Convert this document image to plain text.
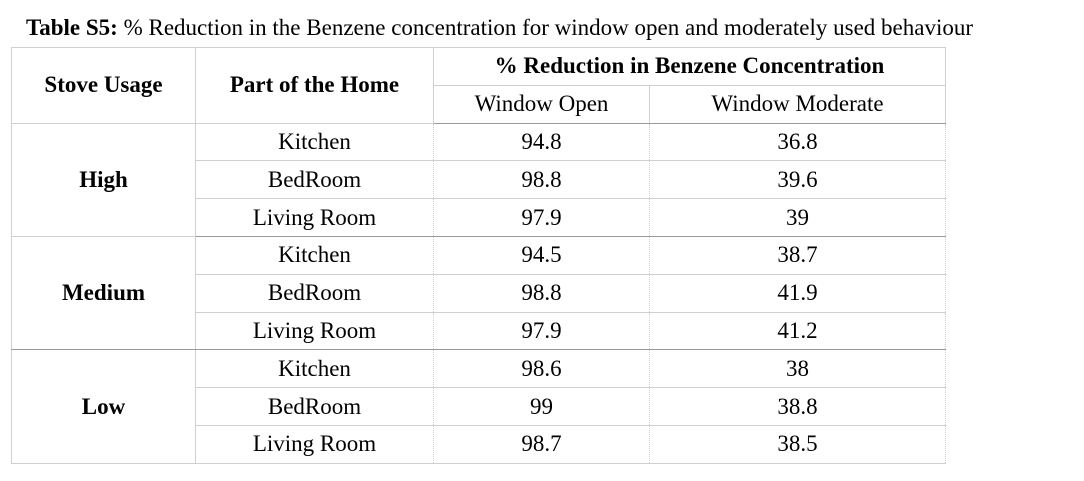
Table S5: % Reduction in the Benzene concentration for window open and moderately used behaviour
Stove Usage	Part of the Home	% Reduction in Benzene Concentration	
		Window Open	Window Moderate
High	Kitchen	94.8	36.8
	BedRoom	98.8	39.6
	Living Room	97.9	39
Medium	Kitchen	94.5	38.7
	BedRoom	98.8	41.9
	Living Room	97.9	41.2
Low	Kitchen	98.6	38
	BedRoom	99	38.8
	Living Room	98.7	38.5
